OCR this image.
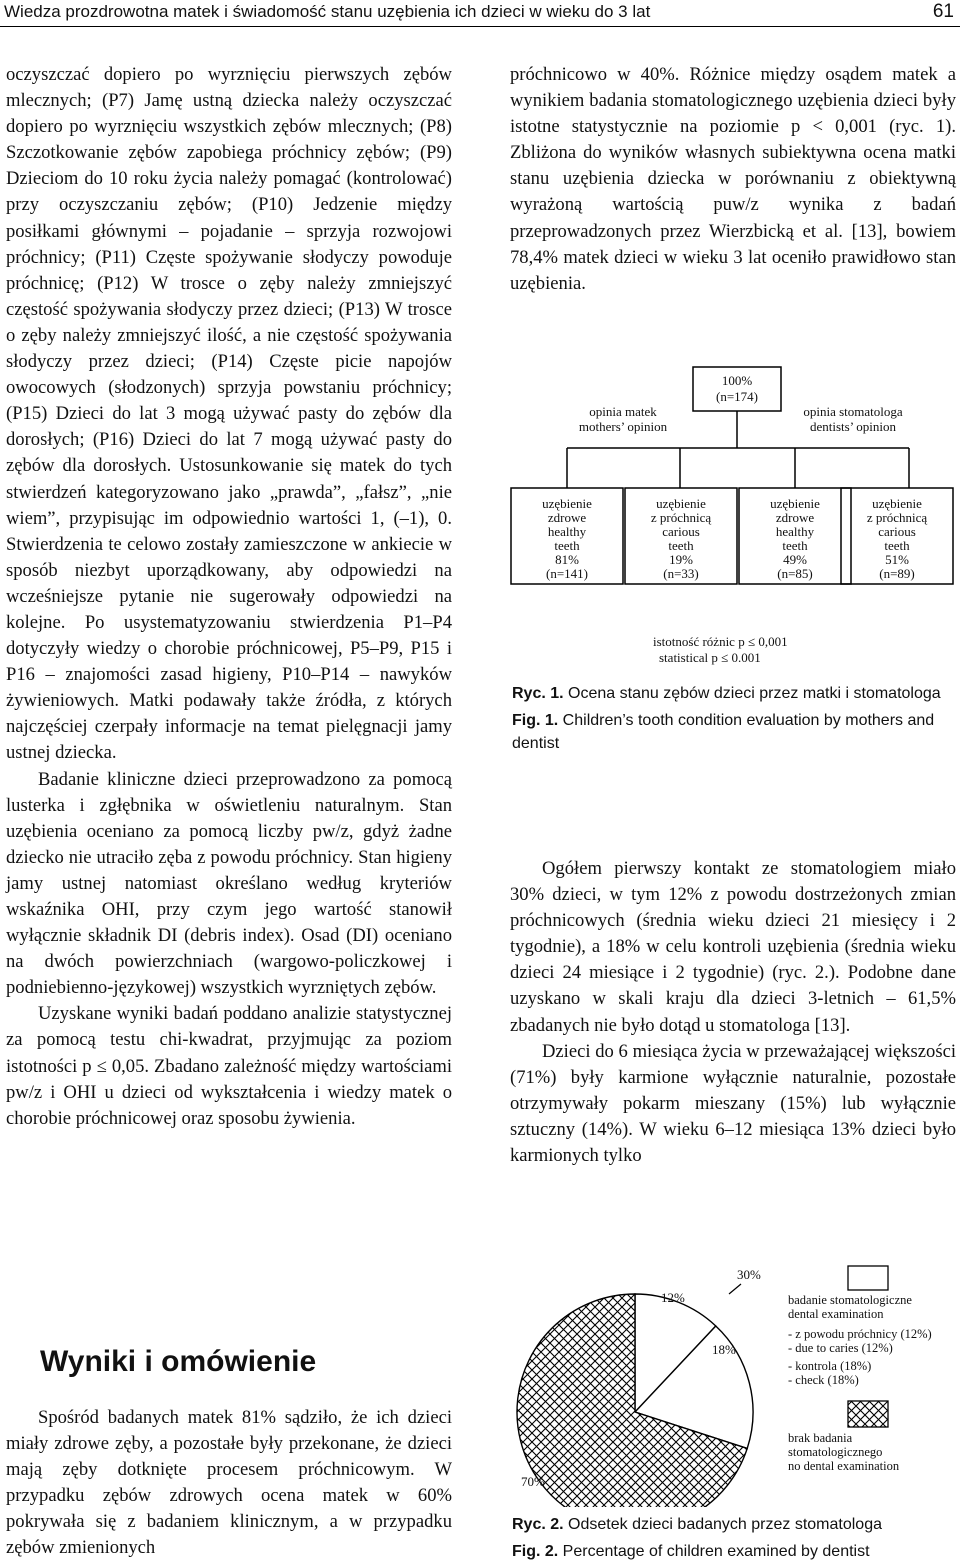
Wiedza prozdrowotna matek i świadomość stanu uzębienia ich dzieci w wieku do 3 lat	61

oczyszczać dopiero po wyrznięciu pierwszych zębów mlecznych; (P7) Jamę ustną dziecka należy oczyszczać dopiero po wyrznięciu wszystkich zębów mlecznych; (P8) Szczotkowanie zębów zapobiega próchnicy zębów; (P9) Dzieciom do 10 roku życia należy pomagać (kontrolować) przy oczyszczaniu zębów; (P10) Jedzenie między posiłkami głównymi – pojadanie – sprzyja rozwojowi próchnicy; (P11) Częste spożywanie słodyczy powoduje próchnicę; (P12) W trosce o zęby należy zmniejszyć częstość spożywania słodyczy przez dzieci; (P13) W trosce o zęby należy zmniejszyć ilość, a nie częstość spożywania słodyczy przez dzieci; (P14) Częste picie napojów owocowych (słodzonych) sprzyja powstaniu próchnicy; (P15) Dzieci do lat 3 mogą używać pasty do zębów dla dorosłych; (P16) Dzieci do lat 7 mogą używać pasty do zębów dla dorosłych. Ustosunkowanie się matek do tych stwierdzeń kategoryzowano jako „prawda”, „fałsz”, „nie wiem”, przypisując im odpowiednio wartości 1, (–1), 0. Stwierdzenia te celowo zostały zamieszczone w ankiecie w sposób niezbyt uporządkowany, aby odpowiedzi na wcześniejsze pytanie nie sugerowały odpowiedzi na kolejne. Po usystematyzowaniu stwierdzenia P1–P4 dotyczyły wiedzy o chorobie próchnicowej, P5–P9, P15 i P16 – znajomości zasad higieny, P10–P14 – nawyków żywieniowych. Matki podawały także źródła, z których najczęściej czerpały informacje na temat pielęgnacji jamy ustnej dziecka.

Badanie kliniczne dzieci przeprowadzono za pomocą lusterka i zgłębnika w oświetleniu naturalnym. Stan uzębienia oceniano za pomocą liczby pw/z, gdyż żadne dziecko nie utraciło zęba z powodu próchnicy. Stan higieny jamy ustnej natomiast określano według kryteriów wskaźnika OHI, przy czym jego wartość stanowił wyłącznie składnik DI (debris index). Osad (DI) oceniano na dwóch powierzchniach (wargowo-policzkowej i podniebienno-językowej) wszystkich wyrzniętych zębów.

Uzyskane wyniki badań poddano analizie statystycznej za pomocą testu chi-kwadrat, przyjmując za poziom istotności p ≤ 0,05. Zbadano zależność między wartościami pw/z i OHI u dzieci od wykształcenia i wiedzy matek o chorobie próchnicowej oraz sposobu żywienia.

Wyniki i omówienie

Spośród badanych matek 81% sądziło, że ich dzieci miały zdrowe zęby, a pozostałe były przekonane, że dzieci mają zęby dotknięte procesem próchnicowym. W przypadku zębów zdrowych ocena matek w 60% pokrywała się z badaniem klinicznym, a w przypadku zębów zmienionych

próchnicowo w 40%. Różnice między osądem matek a wynikiem badania stomatologicznego uzębienia dzieci były istotne statystycznie na poziomie p < 0,001 (ryc. 1). Zbliżona do wyników własnych subiektywna ocena matki stanu uzębienia dziecka w porównaniu z obiektywną wyrażoną wartością puw/z wynika z badań przeprowadzonych przez Wierzbicką et al. [13], bowiem 78,4% matek dzieci w wieku 3 lat oceniło prawidłowo stan uzębienia.

100%
(n=174)
opinia matek
mothers’ opinion
opinia stomatologa
dentists’ opinion
uzębienie
zdrowe
healthy
teeth
81%
(n=141)
uzębienie
z próchnicą
carious
teeth
19%
(n=33)
uzębienie
zdrowe
healthy
teeth
49%
(n=85)
uzębienie
z próchnicą
carious
teeth
51%
(n=89)
istotność różnic p ≤ 0,001
statistical p ≤ 0.001
Ryc. 1. Ocena stanu zębów dzieci przez matki i stomatologa
Fig. 1. Children’s tooth condition evaluation by mothers and dentist

Ogółem pierwszy kontakt ze stomatologiem miało 30% dzieci, w tym 12% z powodu dostrzeżonych zmian próchnicowych (średnia wieku dzieci 21 miesięcy i 2 tygodnie), a 18% w celu kontroli uzębienia (średnia wieku dzieci 24 miesiące i 2 tygodnie) (ryc. 2.). Podobne dane uzyskano w skali kraju dla dzieci 3-letnich – 61,5% zbadanych nie było dotąd u stomatologa [13].

Dzieci do 6 miesiąca życia w przeważającej większości (71%) były karmione wyłącznie naturalnie, pozostałe otrzymywały pokarm mieszany (15%) lub wyłącznie sztuczny (14%). W wieku 6–12 miesiąca 13% dzieci było karmionych tylko

12%
18%
70%
30%
badanie stomatologiczne
dental examination
- z powodu próchnicy (12%)
- due to caries (12%)
- kontrola (18%)
- check (18%)
brak badania
stomatologicznego
no dental examination
Ryc. 2. Odsetek dzieci badanych przez stomatologa
Fig. 2. Percentage of children examined by dentist
